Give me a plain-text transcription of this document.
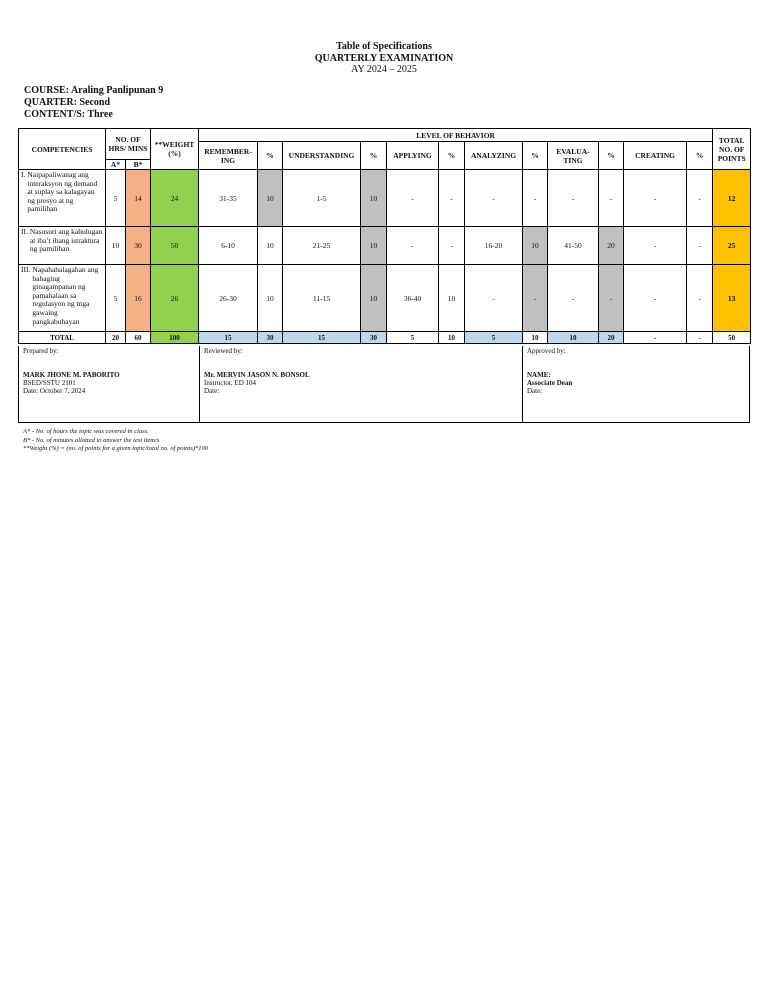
Table of Specifications
QUARTERLY EXAMINATION
AY 2024 – 2025
COURSE: Araling Panlipunan 9
QUARTER: Second
CONTENT/S: Three
COMPETENCIES	NO. OF HRS/ MINS		**WEIGHT (%)	LEVEL OF BEHAVIOR												TOTAL NO. OF POINTS
				REMEMBER-ING	%	UNDERSTANDING	%	APPLYING	%	ANALYZING	%	EVALUA-TING	%	CREATING	%	
	A*	B*														

I. Naipapaliwanag ang interaksyon ng demand at suplay sa kalagayan ng presyo at ng pamilihan	5	14	24	31-35	10	1-5	10	-	-	-	-	-	-	-	-	12

II. Nasusuri ang kahulugan at iba’t ibang istraktura ng pamilihan	10	30	50	6-10	10	21-25	10	-	-	16-20	10	41-50	20	-	-	25

III. Napahahalagahan ang bahaging ginagampanan ng pamahalaan sa regulasyon ng mga gawaing pangkabuhayan	5	16	26	26-30	10	11-15	10	36-40	10	-	-	-	-	-	-	13
TOTAL	20	60	100	15	30	15	30	5	10	5	10	10	20	-	-	50
Prepared by:
MARK JHONE M. PABORITO
BSED/SSTU 2101
Date: October 7, 2024
Reviewed by:
Mr. MERVIN JASON N. BONSOL
Instructor, ED 104
Date:
Approved by:
NAME:
Associate Dean
Date:
A* - No. of hours the topic was covered in class.
B* - No. of minutes allotted to answer the test item/s
**Weight (%) = (no. of points for a given topic/total no. of points)*100
